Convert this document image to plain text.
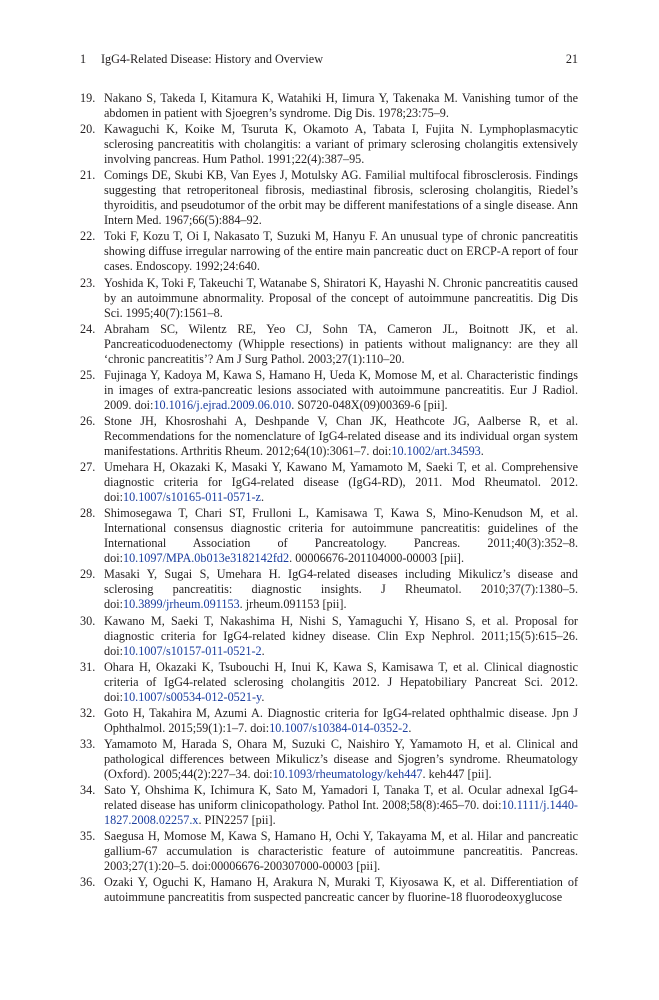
1 IgG4-Related Disease: History and Overview	21
19. Nakano S, Takeda I, Kitamura K, Watahiki H, Iimura Y, Takenaka M. Vanishing tumor of the abdomen in patient with Sjoegren’s syndrome. Dig Dis. 1978;23:75–9.
20. Kawaguchi K, Koike M, Tsuruta K, Okamoto A, Tabata I, Fujita N. Lymphoplasmacytic sclerosing pancreatitis with cholangitis: a variant of primary sclerosing cholangitis extensively involving pancreas. Hum Pathol. 1991;22(4):387–95.
21. Comings DE, Skubi KB, Van Eyes J, Motulsky AG. Familial multifocal fibrosclerosis. Findings suggesting that retroperitoneal fibrosis, mediastinal fibrosis, sclerosing cholangitis, Riedel’s thyroiditis, and pseudotumor of the orbit may be different manifestations of a single disease. Ann Intern Med. 1967;66(5):884–92.
22. Toki F, Kozu T, Oi I, Nakasato T, Suzuki M, Hanyu F. An unusual type of chronic pancreatitis showing diffuse irregular narrowing of the entire main pancreatic duct on ERCP-A report of four cases. Endoscopy. 1992;24:640.
23. Yoshida K, Toki F, Takeuchi T, Watanabe S, Shiratori K, Hayashi N. Chronic pancreatitis caused by an autoimmune abnormality. Proposal of the concept of autoimmune pancreatitis. Dig Dis Sci. 1995;40(7):1561–8.
24. Abraham SC, Wilentz RE, Yeo CJ, Sohn TA, Cameron JL, Boitnott JK, et al. Pancreaticoduodenectomy (Whipple resections) in patients without malignancy: are they all ‘chronic pancreatitis’? Am J Surg Pathol. 2003;27(1):110–20.
25. Fujinaga Y, Kadoya M, Kawa S, Hamano H, Ueda K, Momose M, et al. Characteristic findings in images of extra-pancreatic lesions associated with autoimmune pancreatitis. Eur J Radiol. 2009. doi:10.1016/j.ejrad.2009.06.010. S0720-048X(09)00369-6 [pii].
26. Stone JH, Khosroshahi A, Deshpande V, Chan JK, Heathcote JG, Aalberse R, et al. Recommendations for the nomenclature of IgG4-related disease and its individual organ system manifestations. Arthritis Rheum. 2012;64(10):3061–7. doi:10.1002/art.34593.
27. Umehara H, Okazaki K, Masaki Y, Kawano M, Yamamoto M, Saeki T, et al. Comprehensive diagnostic criteria for IgG4-related disease (IgG4-RD), 2011. Mod Rheumatol. 2012. doi:10.1007/s10165-011-0571-z.
28. Shimosegawa T, Chari ST, Frulloni L, Kamisawa T, Kawa S, Mino-Kenudson M, et al. International consensus diagnostic criteria for autoimmune pancreatitis: guidelines of the International Association of Pancreatology. Pancreas. 2011;40(3):352–8. doi:10.1097/MPA.0b013e3182142fd2. 00006676-201104000-00003 [pii].
29. Masaki Y, Sugai S, Umehara H. IgG4-related diseases including Mikulicz’s disease and sclerosing pancreatitis: diagnostic insights. J Rheumatol. 2010;37(7):1380–5. doi:10.3899/jrheum.091153. jrheum.091153 [pii].
30. Kawano M, Saeki T, Nakashima H, Nishi S, Yamaguchi Y, Hisano S, et al. Proposal for diagnostic criteria for IgG4-related kidney disease. Clin Exp Nephrol. 2011;15(5):615–26. doi:10.1007/s10157-011-0521-2.
31. Ohara H, Okazaki K, Tsubouchi H, Inui K, Kawa S, Kamisawa T, et al. Clinical diagnostic criteria of IgG4-related sclerosing cholangitis 2012. J Hepatobiliary Pancreat Sci. 2012. doi:10.1007/s00534-012-0521-y.
32. Goto H, Takahira M, Azumi A. Diagnostic criteria for IgG4-related ophthalmic disease. Jpn J Ophthalmol. 2015;59(1):1–7. doi:10.1007/s10384-014-0352-2.
33. Yamamoto M, Harada S, Ohara M, Suzuki C, Naishiro Y, Yamamoto H, et al. Clinical and pathological differences between Mikulicz’s disease and Sjogren’s syndrome. Rheumatology (Oxford). 2005;44(2):227–34. doi:10.1093/rheumatology/keh447. keh447 [pii].
34. Sato Y, Ohshima K, Ichimura K, Sato M, Yamadori I, Tanaka T, et al. Ocular adnexal IgG4-related disease has uniform clinicopathology. Pathol Int. 2008;58(8):465–70. doi:10.1111/j.1440-1827.2008.02257.x. PIN2257 [pii].
35. Saegusa H, Momose M, Kawa S, Hamano H, Ochi Y, Takayama M, et al. Hilar and pancreatic gallium-67 accumulation is characteristic feature of autoimmune pancreatitis. Pancreas. 2003;27(1):20–5. doi:00006676-200307000-00003 [pii].
36. Ozaki Y, Oguchi K, Hamano H, Arakura N, Muraki T, Kiyosawa K, et al. Differentiation of autoimmune pancreatitis from suspected pancreatic cancer by fluorine-18 fluorodeoxyglucose
